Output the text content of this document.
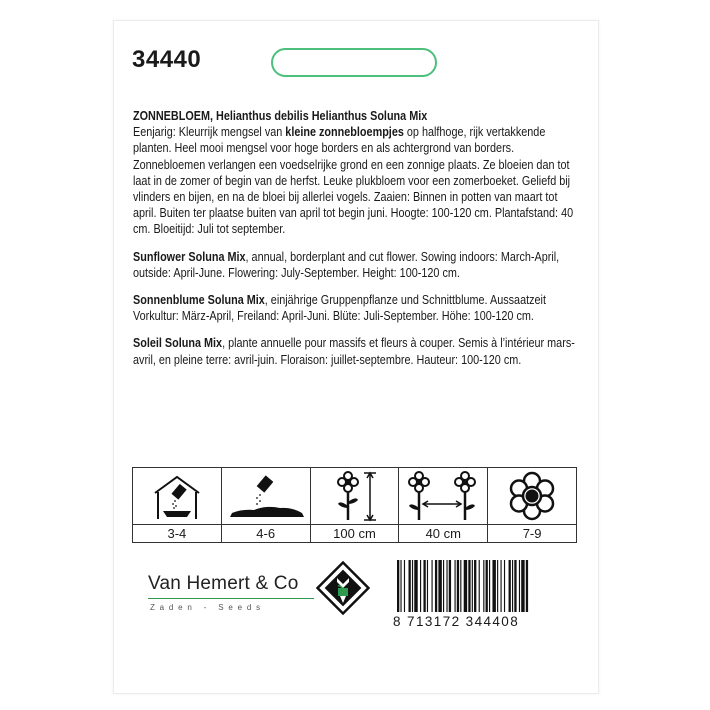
34440

ZONNEBLOEM, Helianthus debilis Helianthus Soluna Mix
Eenjarig: Kleurrijk mengsel van kleine zonnebloempjes op halfhoge, rijk vertakkende planten. Heel mooi mengsel voor hoge borders en als achtergrond van borders. Zonnebloemen verlangen een voedselrijke grond en een zonnige plaats. Ze bloeien dan tot laat in de zomer of begin van de herfst. Leuke plukbloem voor een zomerboeket. Geliefd bij vlinders en bijen, en na de bloei bij allerlei vogels. Zaaien: Binnen in potten van maart tot april. Buiten ter plaatse buiten van april tot begin juni. Hoogte: 100-120 cm. Plantafstand: 40 cm. Bloeitijd: Juli tot september.

Sunflower Soluna Mix, annual, borderplant and cut flower. Sowing indoors: March-April, outside: April-June. Flowering: July-September. Height: 100-120 cm.

Sonnenblume Soluna Mix, einjährige Gruppenpflanze und Schnittblume. Aussaatzeit Vorkultur: März-April, Freiland: April-Juni. Blüte: Juli-September. Höhe: 100-120 cm.

Soleil Soluna Mix, plante annuelle pour massifs et fleurs à couper. Semis à l’intérieur mars-avril, en pleine terre: avril-juin. Floraison: juillet-septembre. Hauteur: 100-120 cm.

3-4	4-6	100 cm	40 cm	7-9
Van Hemert & Co
Zaden - Seeds
8 713172 344408
